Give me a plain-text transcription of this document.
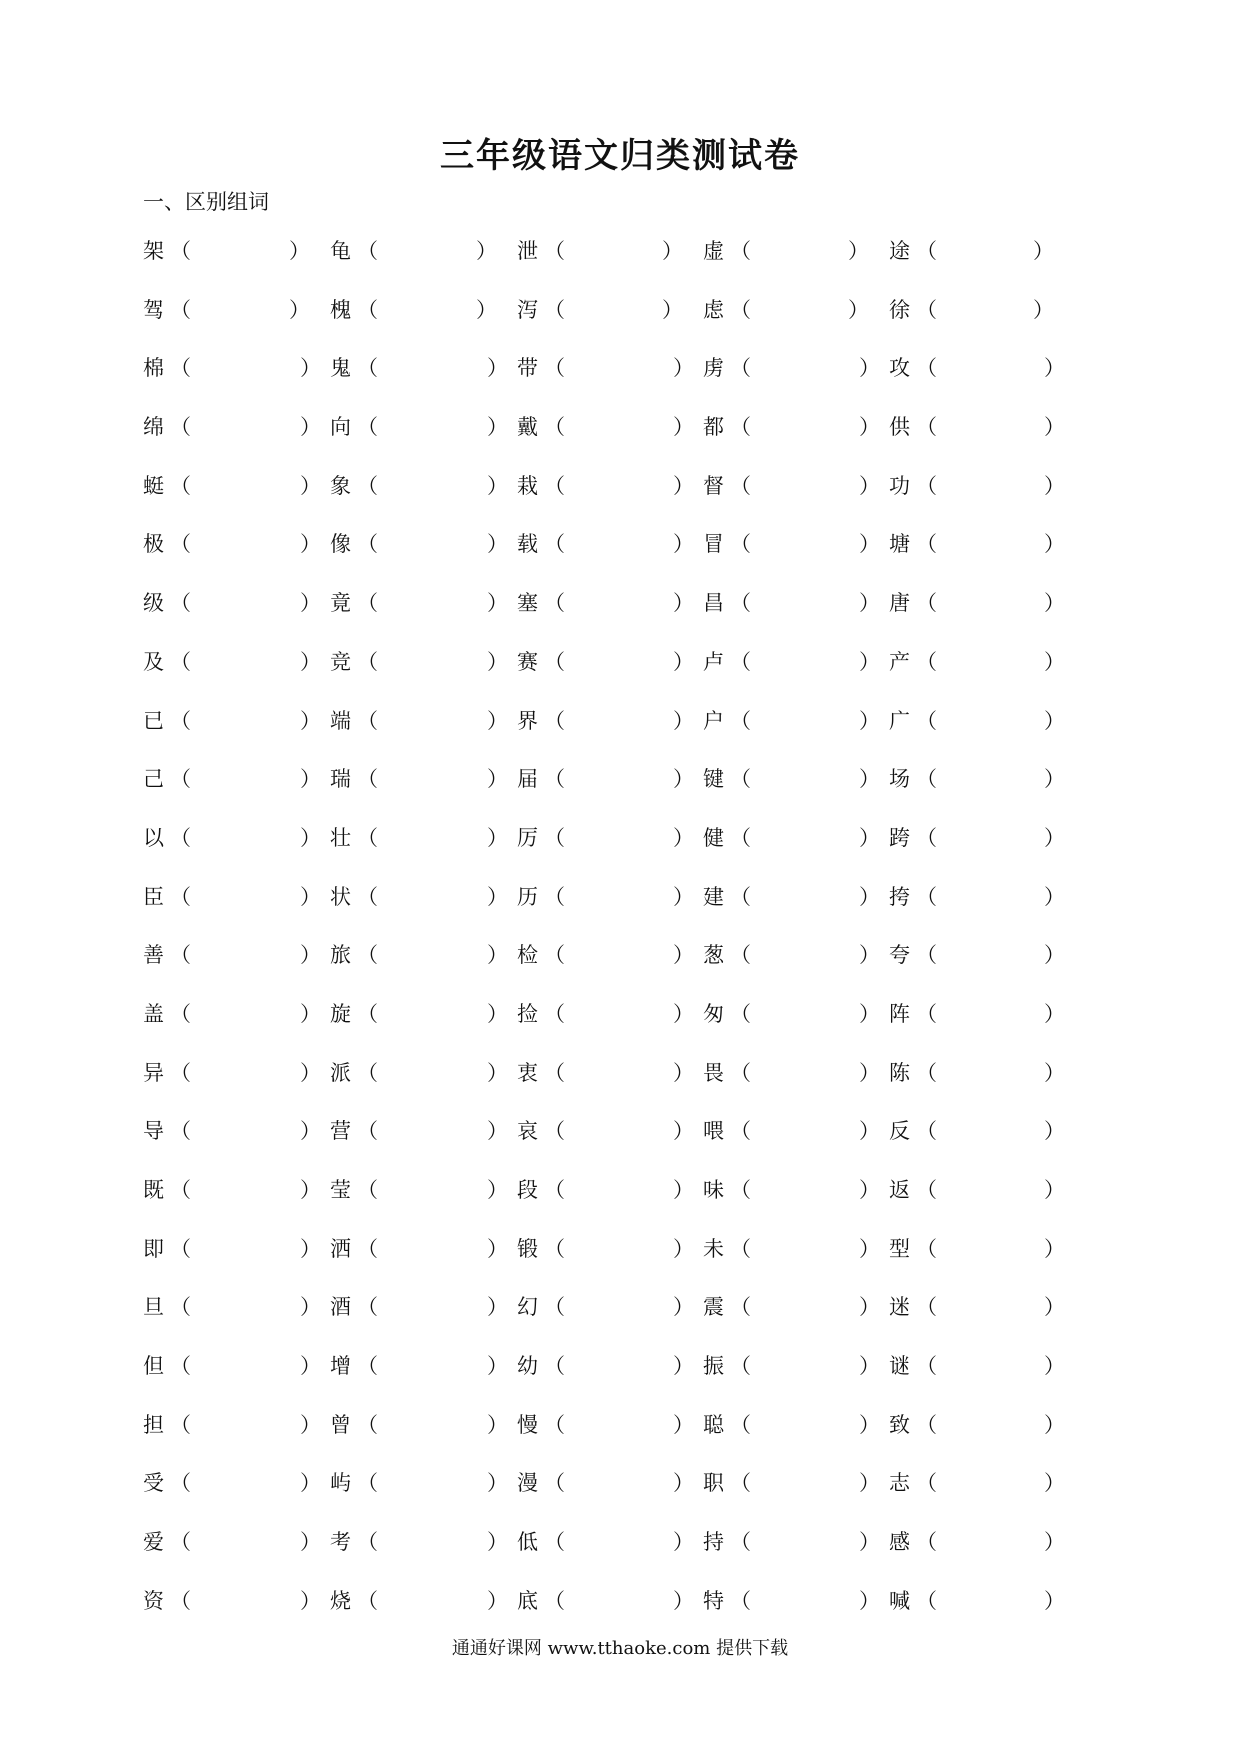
三年级语文归类测试卷
一、区别组词
架 （	） 龟 （	） 泄 （	） 虚 （	） 途 （	）
驾 （	） 槐 （	） 泻 （	） 虑 （	） 徐 （	）
棉 （	） 鬼 （	） 带 （	） 虏 （	） 攻 （	）
绵 （	） 向 （	） 戴 （	） 都 （	） 供 （	）
蜓 （	） 象 （	） 栽 （	） 督 （	） 功 （	）
极 （	） 像 （	） 载 （	） 冒 （	） 塘 （	）
级 （	） 竟 （	） 塞 （	） 昌 （	） 唐 （	）
及 （	） 竞 （	） 赛 （	） 卢 （	） 产 （	）
已 （	） 端 （	） 界 （	） 户 （	） 广 （	）
己 （	） 瑞 （	） 届 （	） 键 （	） 场 （	）
以 （	） 壮 （	） 厉 （	） 健 （	） 跨 （	）
臣 （	） 状 （	） 历 （	） 建 （	） 挎 （	）
善 （	） 旅 （	） 检 （	） 葱 （	） 夸 （	）
盖 （	） 旋 （	） 捡 （	） 匆 （	） 阵 （	）
异 （	） 派 （	） 衷 （	） 畏 （	） 陈 （	）
导 （	） 营 （	） 哀 （	） 喂 （	） 反 （	）
既 （	） 莹 （	） 段 （	） 味 （	） 返 （	）
即 （	） 洒 （	） 锻 （	） 未 （	） 型 （	）
旦 （	） 酒 （	） 幻 （	） 震 （	） 迷 （	）
但 （	） 增 （	） 幼 （	） 振 （	） 谜 （	）
担 （	） 曾 （	） 慢 （	） 聪 （	） 致 （	）
受 （	） 屿 （	） 漫 （	） 职 （	） 志 （	）
爱 （	） 考 （	） 低 （	） 持 （	） 感 （	）
资 （	） 烧 （	） 底 （	） 特 （	） 喊 （	）
通通好课网 www.tthaoke.com 提供下载
